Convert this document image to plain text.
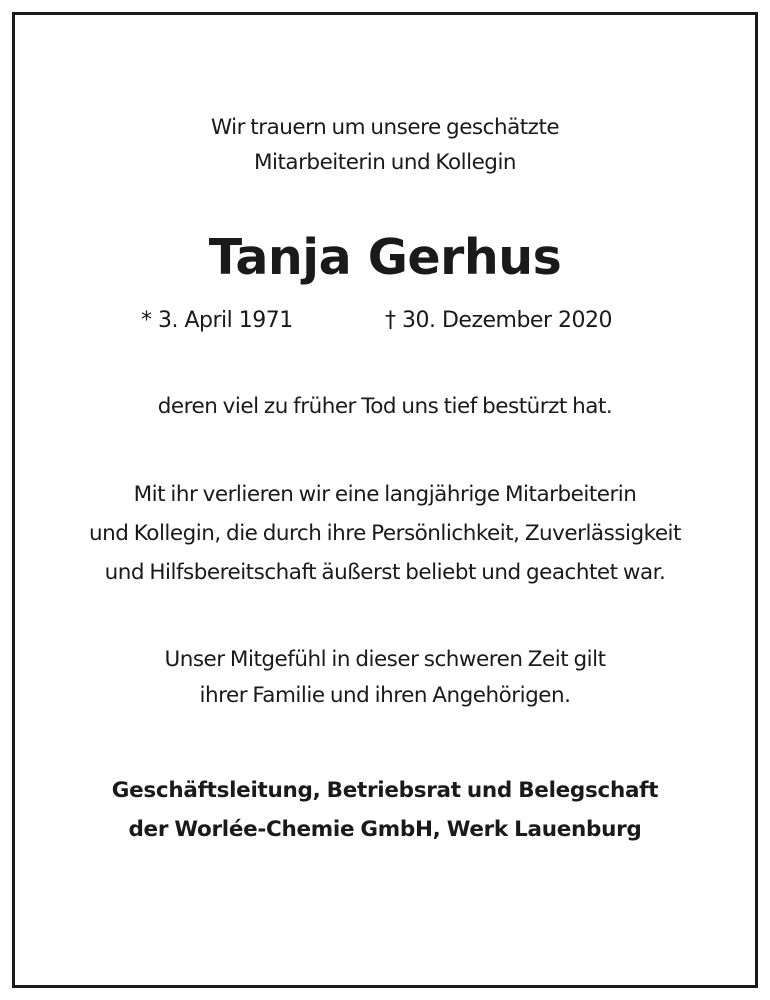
Wir trauern um unsere geschätzte
Mitarbeiterin und Kollegin
Tanja Gerhus
* 3. April 1971	† 30. Dezember 2020
deren viel zu früher Tod uns tief bestürzt hat.
Mit ihr verlieren wir eine langjährige Mitarbeiterin
und Kollegin, die durch ihre Persönlichkeit, Zuverlässigkeit
und Hilfsbereitschaft äußerst beliebt und geachtet war.
Unser Mitgefühl in dieser schweren Zeit gilt
ihrer Familie und ihren Angehörigen.
Geschäftsleitung, Betriebsrat und Belegschaft
der Worlée-Chemie GmbH, Werk Lauenburg
